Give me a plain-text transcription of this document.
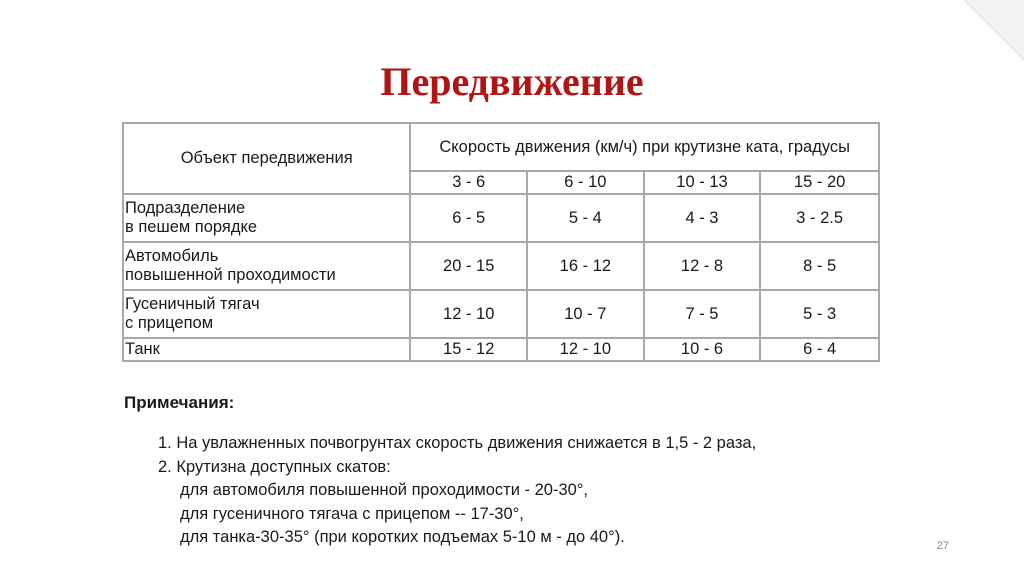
Передвижение
Объект передвижения	Скорость движения (км/ч) при крутизне ката, градусы			
	3 - 6	6 - 10	10 - 13	15 - 20

Подразделение
в пешем порядке	6 - 5	5 - 4	4 - 3	3 - 2.5

Автомобиль
повышенной проходимости	20 - 15	16 - 12	12 - 8	8 - 5

Гусеничный тягач
с прицепом	12 - 10	10 - 7	7 - 5	5 - 3

Танк	15 - 12	12 - 10	10 - 6	6 - 4
Примечания:
1. На увлажненных почвогрунтах скорость движения снижается в 1,5 - 2 раза,
2. Крутизна доступных скатов:
для автомобиля повышенной проходимости - 20-30°,
для гусеничного тягача с прицепом -- 17-30°,
для танка-30-35° (при коротких подъемах 5-10 м - до 40°).	27
